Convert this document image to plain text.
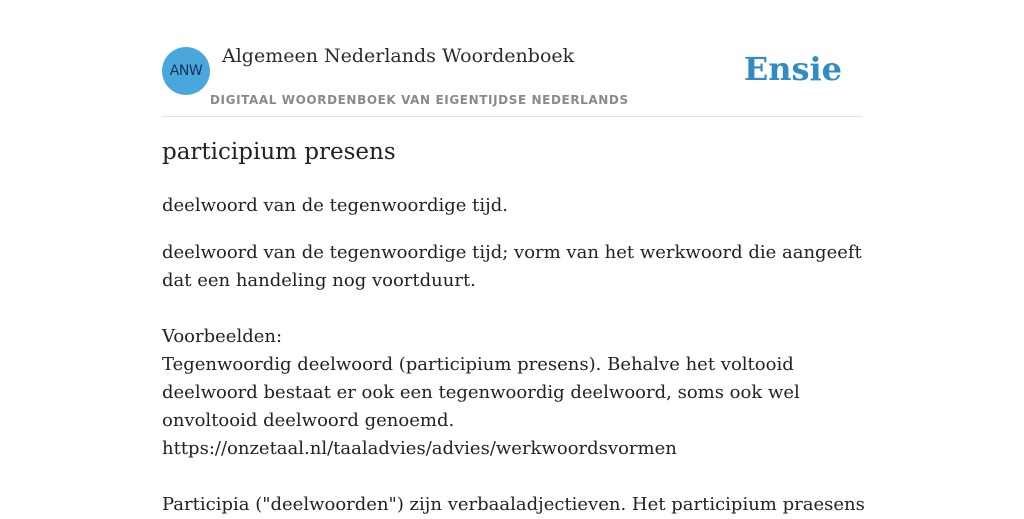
ANW
Algemeen Nederlands Woordenboek
DIGITAAL WOORDENBOEK VAN EIGENTIJDSE NEDERLANDS
Ensie
participium presens

deelwoord van de tegenwoordige tijd.

deelwoord van de tegenwoordige tijd; vorm van het werkwoord die aangeeft dat een handeling nog voortduurt.

Voorbeelden:

Tegenwoordig deelwoord (participium presens). Behalve het voltooid deelwoord bestaat er ook een tegenwoordig deelwoord, soms ook wel onvoltooid deelwoord genoemd.

https://onzetaal.nl/taaladvies/advies/werkwoordsvormen

Participia ("deelwoorden") zijn verbaaladjectieven. Het participium praesens
